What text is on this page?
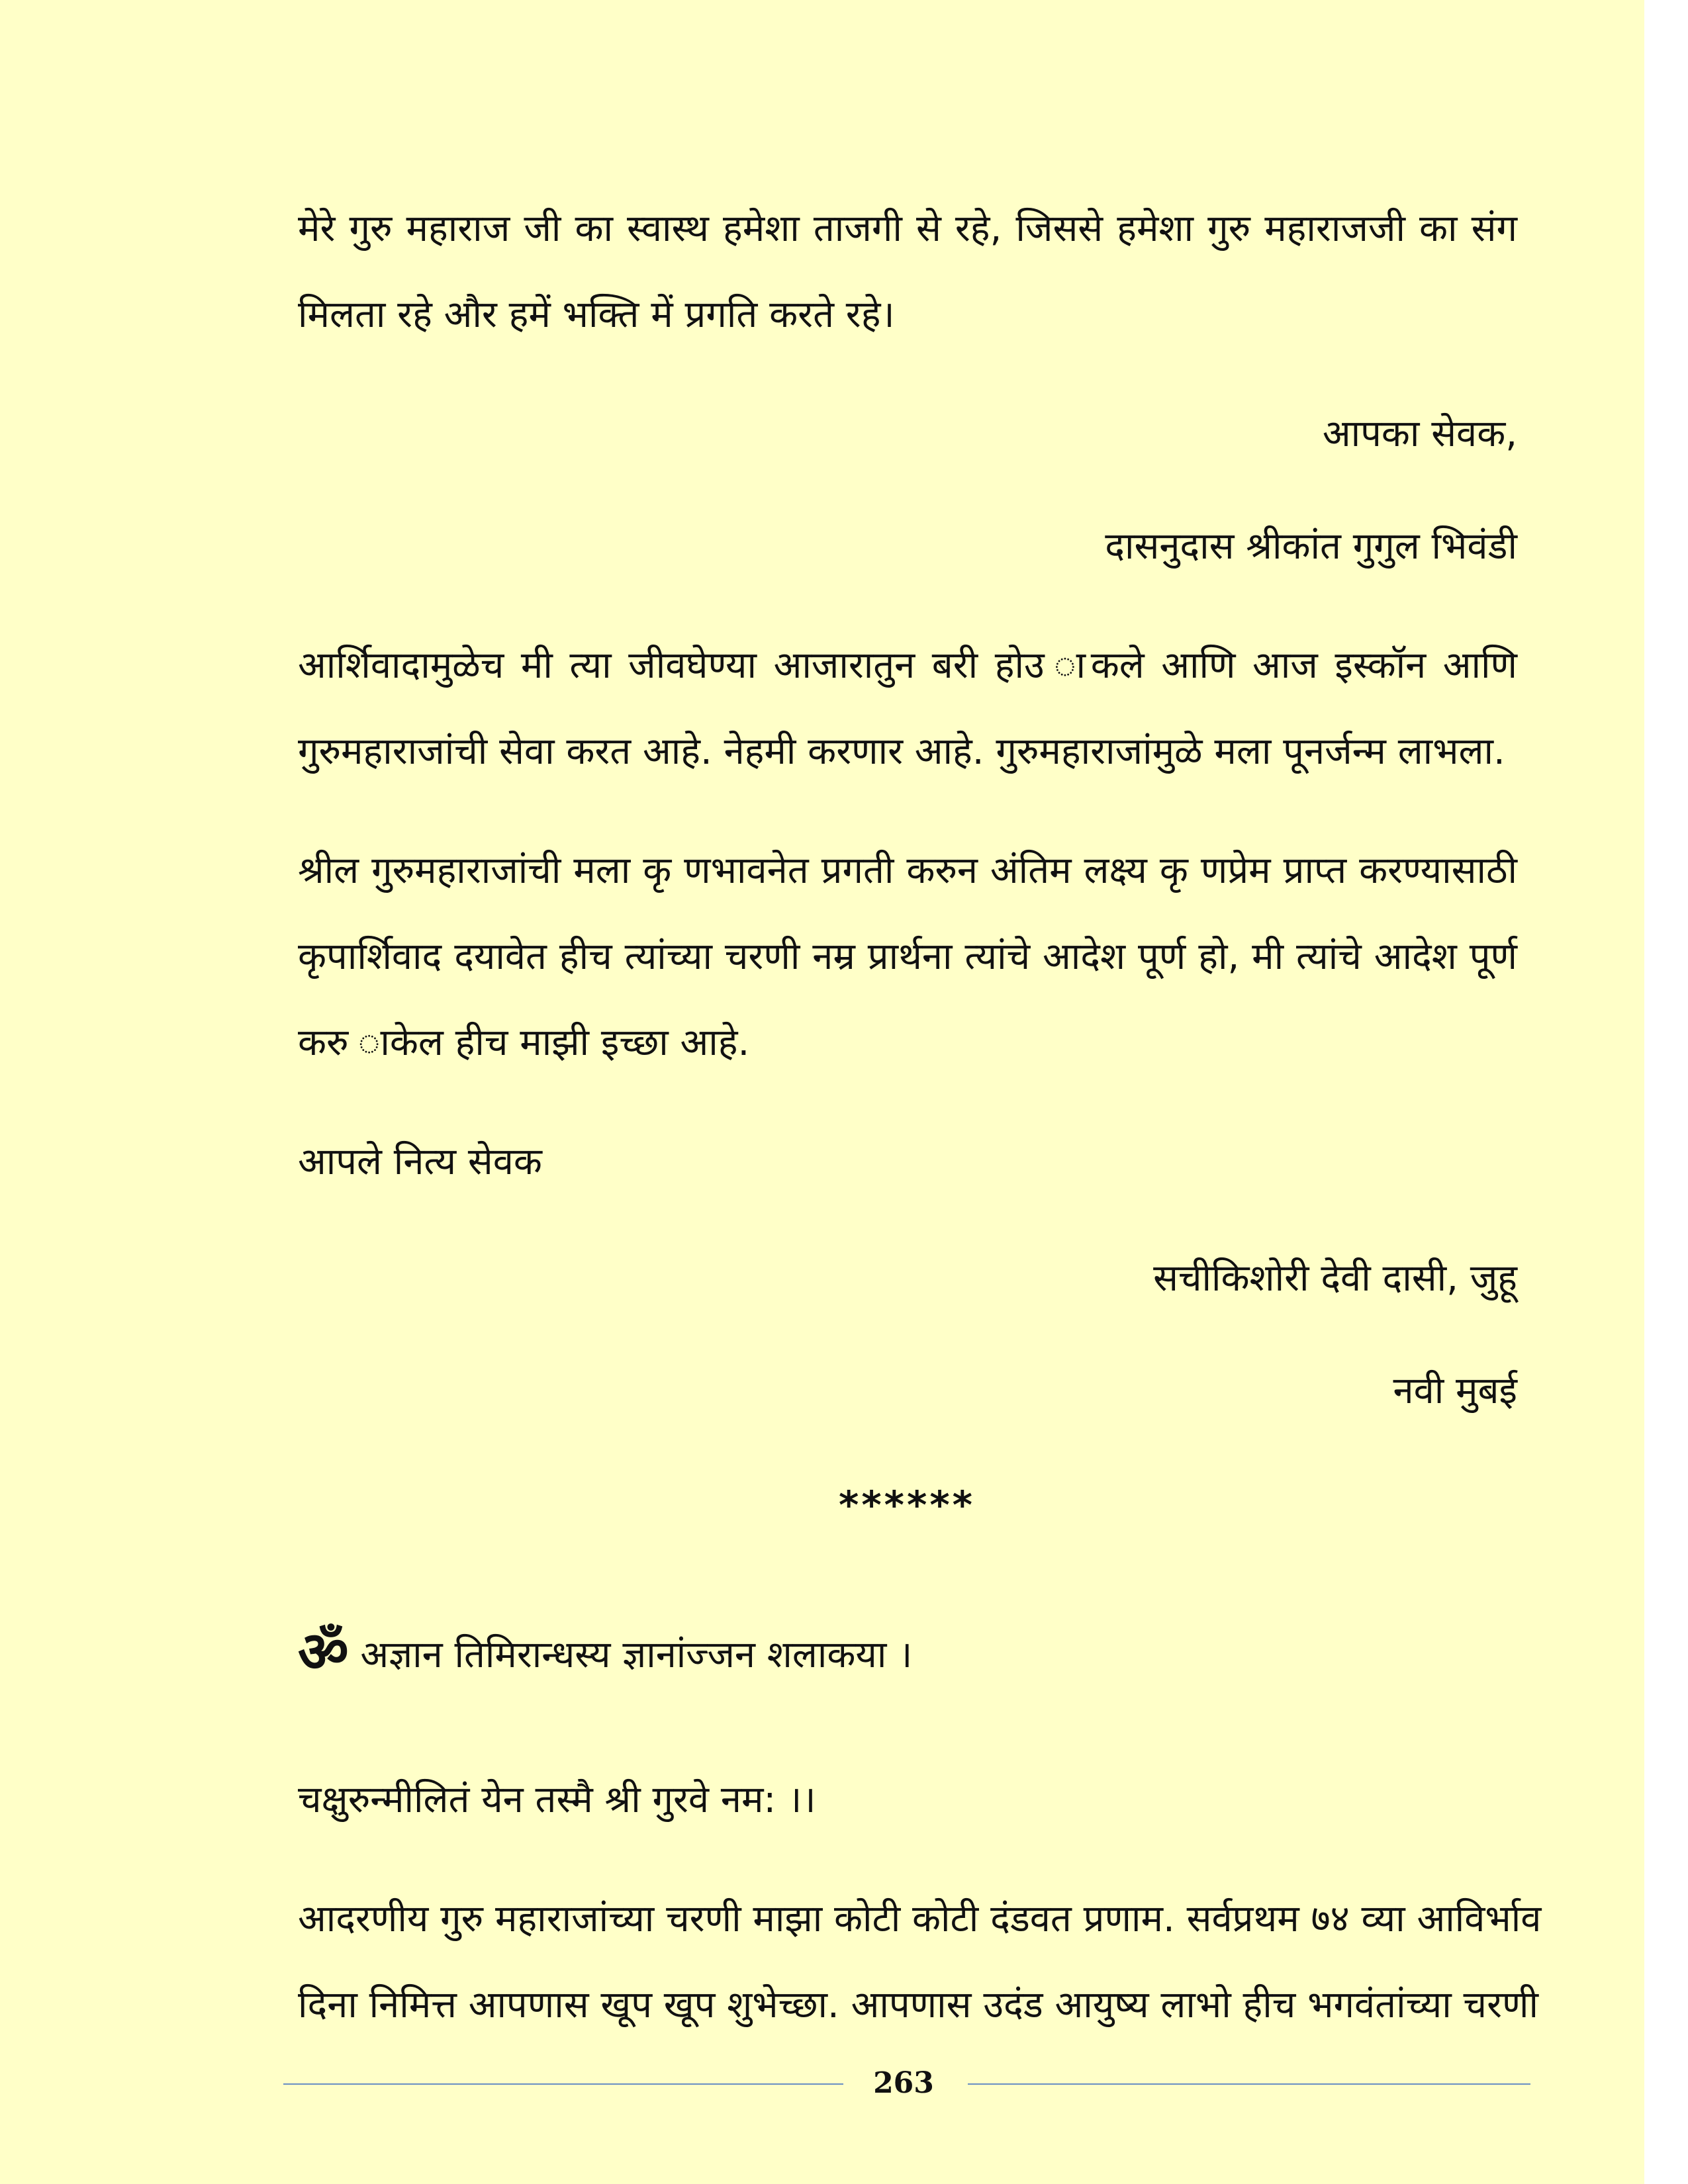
मेरे गुरु महाराज जी का स्वास्थ हमेशा ताजगी से रहे, जिससे हमेशा गुरु महाराजजी का संग
मिलता रहे और हमें भक्ति में प्रगति करते रहे।
आपका सेवक,
दासनुदास श्रीकांत गुगुल भिवंडी
आर्शिवादामुळेच मी त्या जीवघेण्या आजारातुन बरी होउ ाकले आणि आज इस्कॉन आणि
गुरुमहाराजांची सेवा करत आहे. नेहमी करणार आहे. गुरुमहाराजांमुळे मला पूनर्जन्म लाभला.
श्रील गुरुमहाराजांची मला कृ णभावनेत प्रगती करुन अंतिम लक्ष्य कृ णप्रेम प्राप्त करण्यासाठी
कृपार्शिवाद दयावेत हीच त्यांच्या चरणी नम्र प्रार्थना त्यांचे आदेश पूर्ण हो, मी त्यांचे आदेश पूर्ण
करु ाकेल हीच माझी इच्छा आहे.
आपले नित्य सेवक
सचीकिशोरी देवी दासी, जुहू
नवी मुबई
******
ॐ अज्ञान तिमिरान्धस्य ज्ञानांज्जन शलाकया ।
चक्षुरुन्मीलितं येन तस्मै श्री गुरवे नम: ।।
आदरणीय गुरु महाराजांच्या चरणी माझा कोटी कोटी दंडवत प्रणाम. सर्वप्रथम ७४ व्या आविर्भाव
दिना निमित्त आपणास खूप खूप शुभेच्छा. आपणास उदंड आयुष्य लाभो हीच भगवंतांच्या चरणी
263
